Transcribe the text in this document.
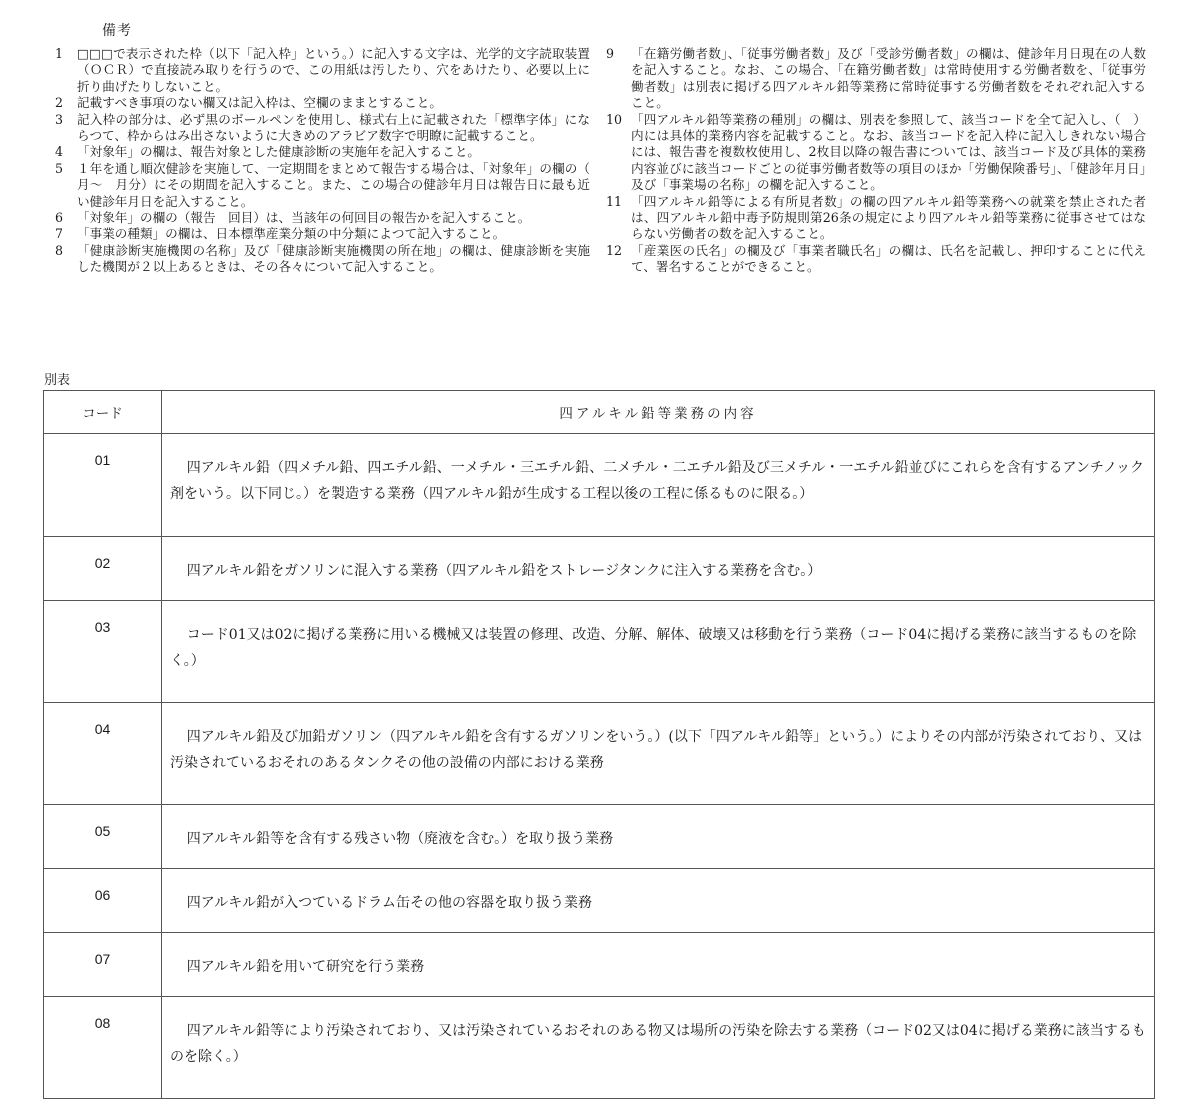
備考
1	□□□で表示された枠（以下「記入枠」という。）に記入する文字は、光学的文字読取装置（ＯＣＲ）で直接読み取りを行うので、この用紙は汚したり、穴をあけたり、必要以上に折り曲げたりしないこと。
2	記載すべき事項のない欄又は記入枠は、空欄のままとすること。
3	記入枠の部分は、必ず黒のボールペンを使用し、様式右上に記載された「標準字体」にならつて、枠からはみ出さないように大きめのアラビア数字で明瞭に記載すること。
4	「対象年」の欄は、報告対象とした健康診断の実施年を記入すること。
5	１年を通し順次健診を実施して、一定期間をまとめて報告する場合は、「対象年」の欄の（　月～　月分）にその期間を記入すること。また、この場合の健診年月日は報告日に最も近い健診年月日を記入すること。
6	「対象年」の欄の（報告　回目）は、当該年の何回目の報告かを記入すること。
7	「事業の種類」の欄は、日本標準産業分類の中分類によつて記入すること。
8	「健康診断実施機関の名称」及び「健康診断実施機関の所在地」の欄は、健康診断を実施した機関が２以上あるときは、その各々について記入すること。
9	「在籍労働者数」、「従事労働者数」及び「受診労働者数」の欄は、健診年月日現在の人数を記入すること。なお、この場合、「在籍労働者数」は常時使用する労働者数を、「従事労働者数」は別表に掲げる四アルキル鉛等業務に常時従事する労働者数をそれぞれ記入すること。
10 「四アルキル鉛等業務の種別」の欄は、別表を参照して、該当コードを全て記入し、（　）内には具体的業務内容を記載すること。なお、該当コードを記入枠に記入しきれない場合には、報告書を複数枚使用し、2枚目以降の報告書については、該当コード及び具体的業務内容並びに該当コードごとの従事労働者数等の項目のほか「労働保険番号」、「健診年月日」及び「事業場の名称」の欄を記入すること。
11 「四アルキル鉛等による有所見者数」の欄の四アルキル鉛等業務への就業を禁止された者は、四アルキル鉛中毒予防規則第26条の規定により四アルキル鉛等業務に従事させてはならない労働者の数を記入すること。
12 「産業医の氏名」の欄及び「事業者職氏名」の欄は、氏名を記載し、押印することに代えて、署名することができること。
別表
コード	四アルキル鉛等業務の内容
01	四アルキル鉛（四メチル鉛、四エチル鉛、一メチル・三エチル鉛、二メチル・二エチル鉛及び三メチル・一エチル鉛並びにこれらを含有するアンチノック剤をいう。以下同じ。）を製造する業務（四アルキル鉛が生成する工程以後の工程に係るものに限る。）
02	四アルキル鉛をガソリンに混入する業務（四アルキル鉛をストレージタンクに注入する業務を含む。）
03	コード01又は02に掲げる業務に用いる機械又は装置の修理、改造、分解、解体、破壊又は移動を行う業務（コード04に掲げる業務に該当するものを除く。）
04	四アルキル鉛及び加鉛ガソリン（四アルキル鉛を含有するガソリンをいう。）(以下「四アルキル鉛等」という。）によりその内部が汚染されており、又は汚染されているおそれのあるタンクその他の設備の内部における業務
05	四アルキル鉛等を含有する残さい物（廃液を含む。）を取り扱う業務
06	四アルキル鉛が入つているドラム缶その他の容器を取り扱う業務
07	四アルキル鉛を用いて研究を行う業務
08	四アルキル鉛等により汚染されており、又は汚染されているおそれのある物又は場所の汚染を除去する業務（コード02又は04に掲げる業務に該当するものを除く。）
